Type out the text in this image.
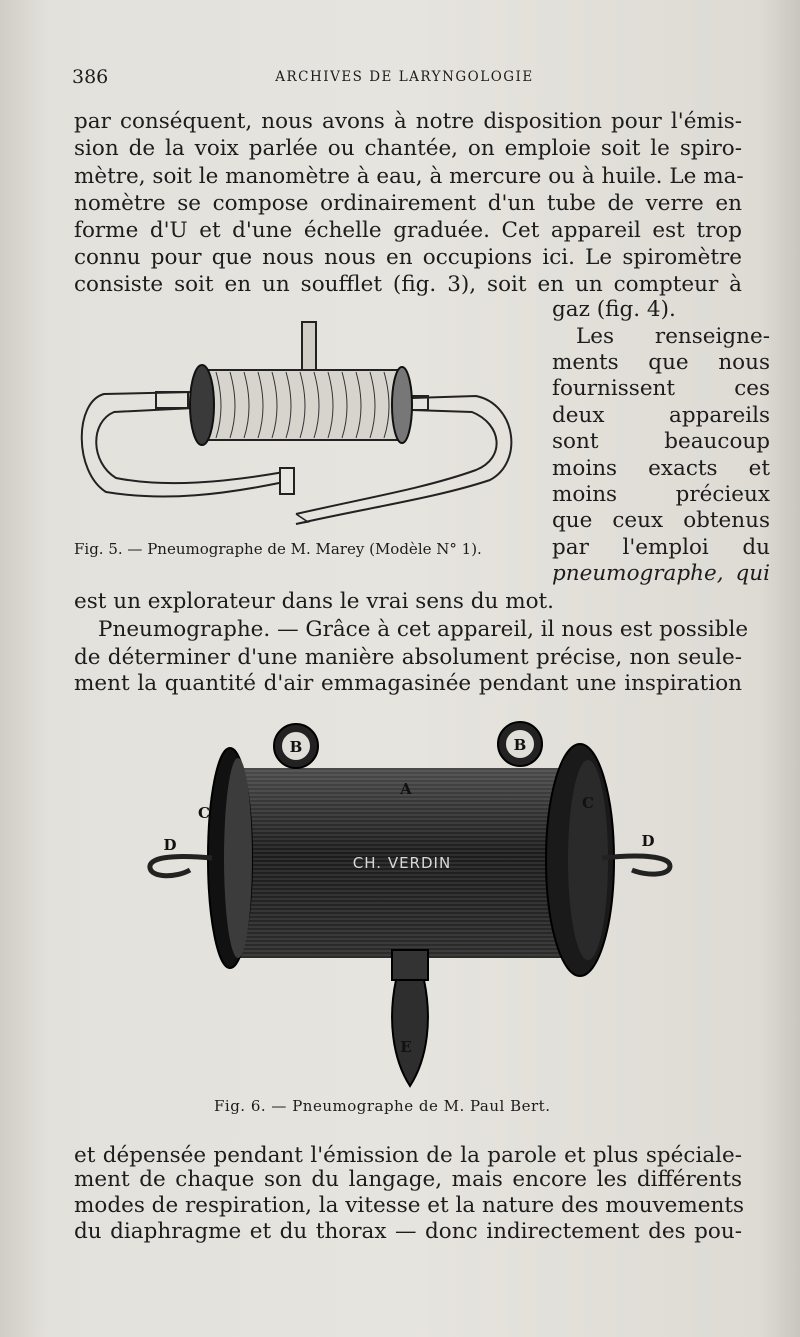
386	ARCHIVES DE LARYNGOLOGIE
par conséquent, nous avons à notre disposition pour l'émis-
sion de la voix parlée ou chantée, on emploie soit le spiro-
mètre, soit le manomètre à eau, à mercure ou à huile. Le ma-
nomètre se compose ordinairement d'un tube de verre en
forme d'U et d'une échelle graduée. Cet appareil est trop
connu pour que nous nous en occupions ici. Le spiromètre
consiste soit en un soufflet (fig. 3), soit en un compteur à
gaz (fig. 4).
Les renseigne-
ments que nous
fournissent ces
deux appareils
sont beaucoup
moins exacts et
moins précieux
que ceux obtenus
par l'emploi du
pneumographe, qui
Fig. 5. — Pneumographe de M. Marey (Modèle N° 1).
est un explorateur dans le vrai sens du mot.
Pneumographe. — Grâce à cet appareil, il nous est possible
de déterminer d'une manière absolument précise, non seule-
ment la quantité d'air emmagasinée pendant une inspiration
B	B
A
C
C
D	D
E
CH. VERDIN
Fig. 6. — Pneumographe de M. Paul Bert.
et dépensée pendant l'émission de la parole et plus spéciale-
ment de chaque son du langage, mais encore les différents
modes de respiration, la vitesse et la nature des mouvements
du diaphragme et du thorax — donc indirectement des pou-
